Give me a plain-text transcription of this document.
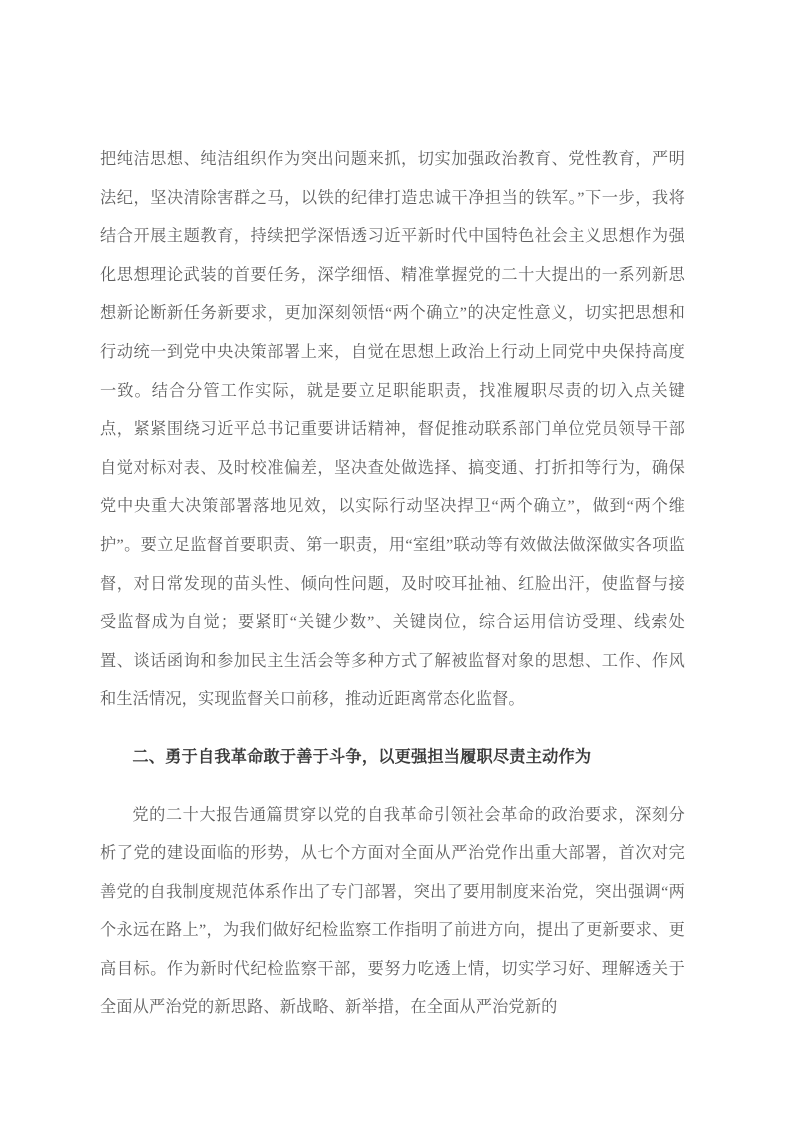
把纯洁思想、纯洁组织作为突出问题来抓，切实加强政治教育、党性教育，严明法纪，坚决清除害群之马，以铁的纪律打造忠诚干净担当的铁军。”下一步，我将结合开展主题教育，持续把学深悟透习近平新时代中国特色社会主义思想作为强化思想理论武装的首要任务，深学细悟、精准掌握党的二十大提出的一系列新思想新论断新任务新要求，更加深刻领悟“两个确立”的决定性意义，切实把思想和行动统一到党中央决策部署上来，自觉在思想上政治上行动上同党中央保持高度一致。结合分管工作实际，就是要立足职能职责，找准履职尽责的切入点关键点，紧紧围绕习近平总书记重要讲话精神，督促推动联系部门单位党员领导干部自觉对标对表、及时校准偏差，坚决查处做选择、搞变通、打折扣等行为，确保党中央重大决策部署落地见效，以实际行动坚决捍卫“两个确立”，做到“两个维护”。要立足监督首要职责、第一职责，用“室组”联动等有效做法做深做实各项监督，对日常发现的苗头性、倾向性问题，及时咬耳扯袖、红脸出汗，使监督与接受监督成为自觉；要紧盯“关键少数”、关键岗位，综合运用信访受理、线索处置、谈话函询和参加民主生活会等多种方式了解被监督对象的思想、工作、作风和生活情况，实现监督关口前移，推动近距离常态化监督。

二、勇于自我革命敢于善于斗争，以更强担当履职尽责主动作为

党的二十大报告通篇贯穿以党的自我革命引领社会革命的政治要求，深刻分析了党的建设面临的形势，从七个方面对全面从严治党作出重大部署，首次对完善党的自我制度规范体系作出了专门部署，突出了要用制度来治党，突出强调“两个永远在路上”，为我们做好纪检监察工作指明了前进方向，提出了更新要求、更高目标。作为新时代纪检监察干部，要努力吃透上情，切实学习好、理解透关于全面从严治党的新思路、新战略、新举措，在全面从严治党新的
